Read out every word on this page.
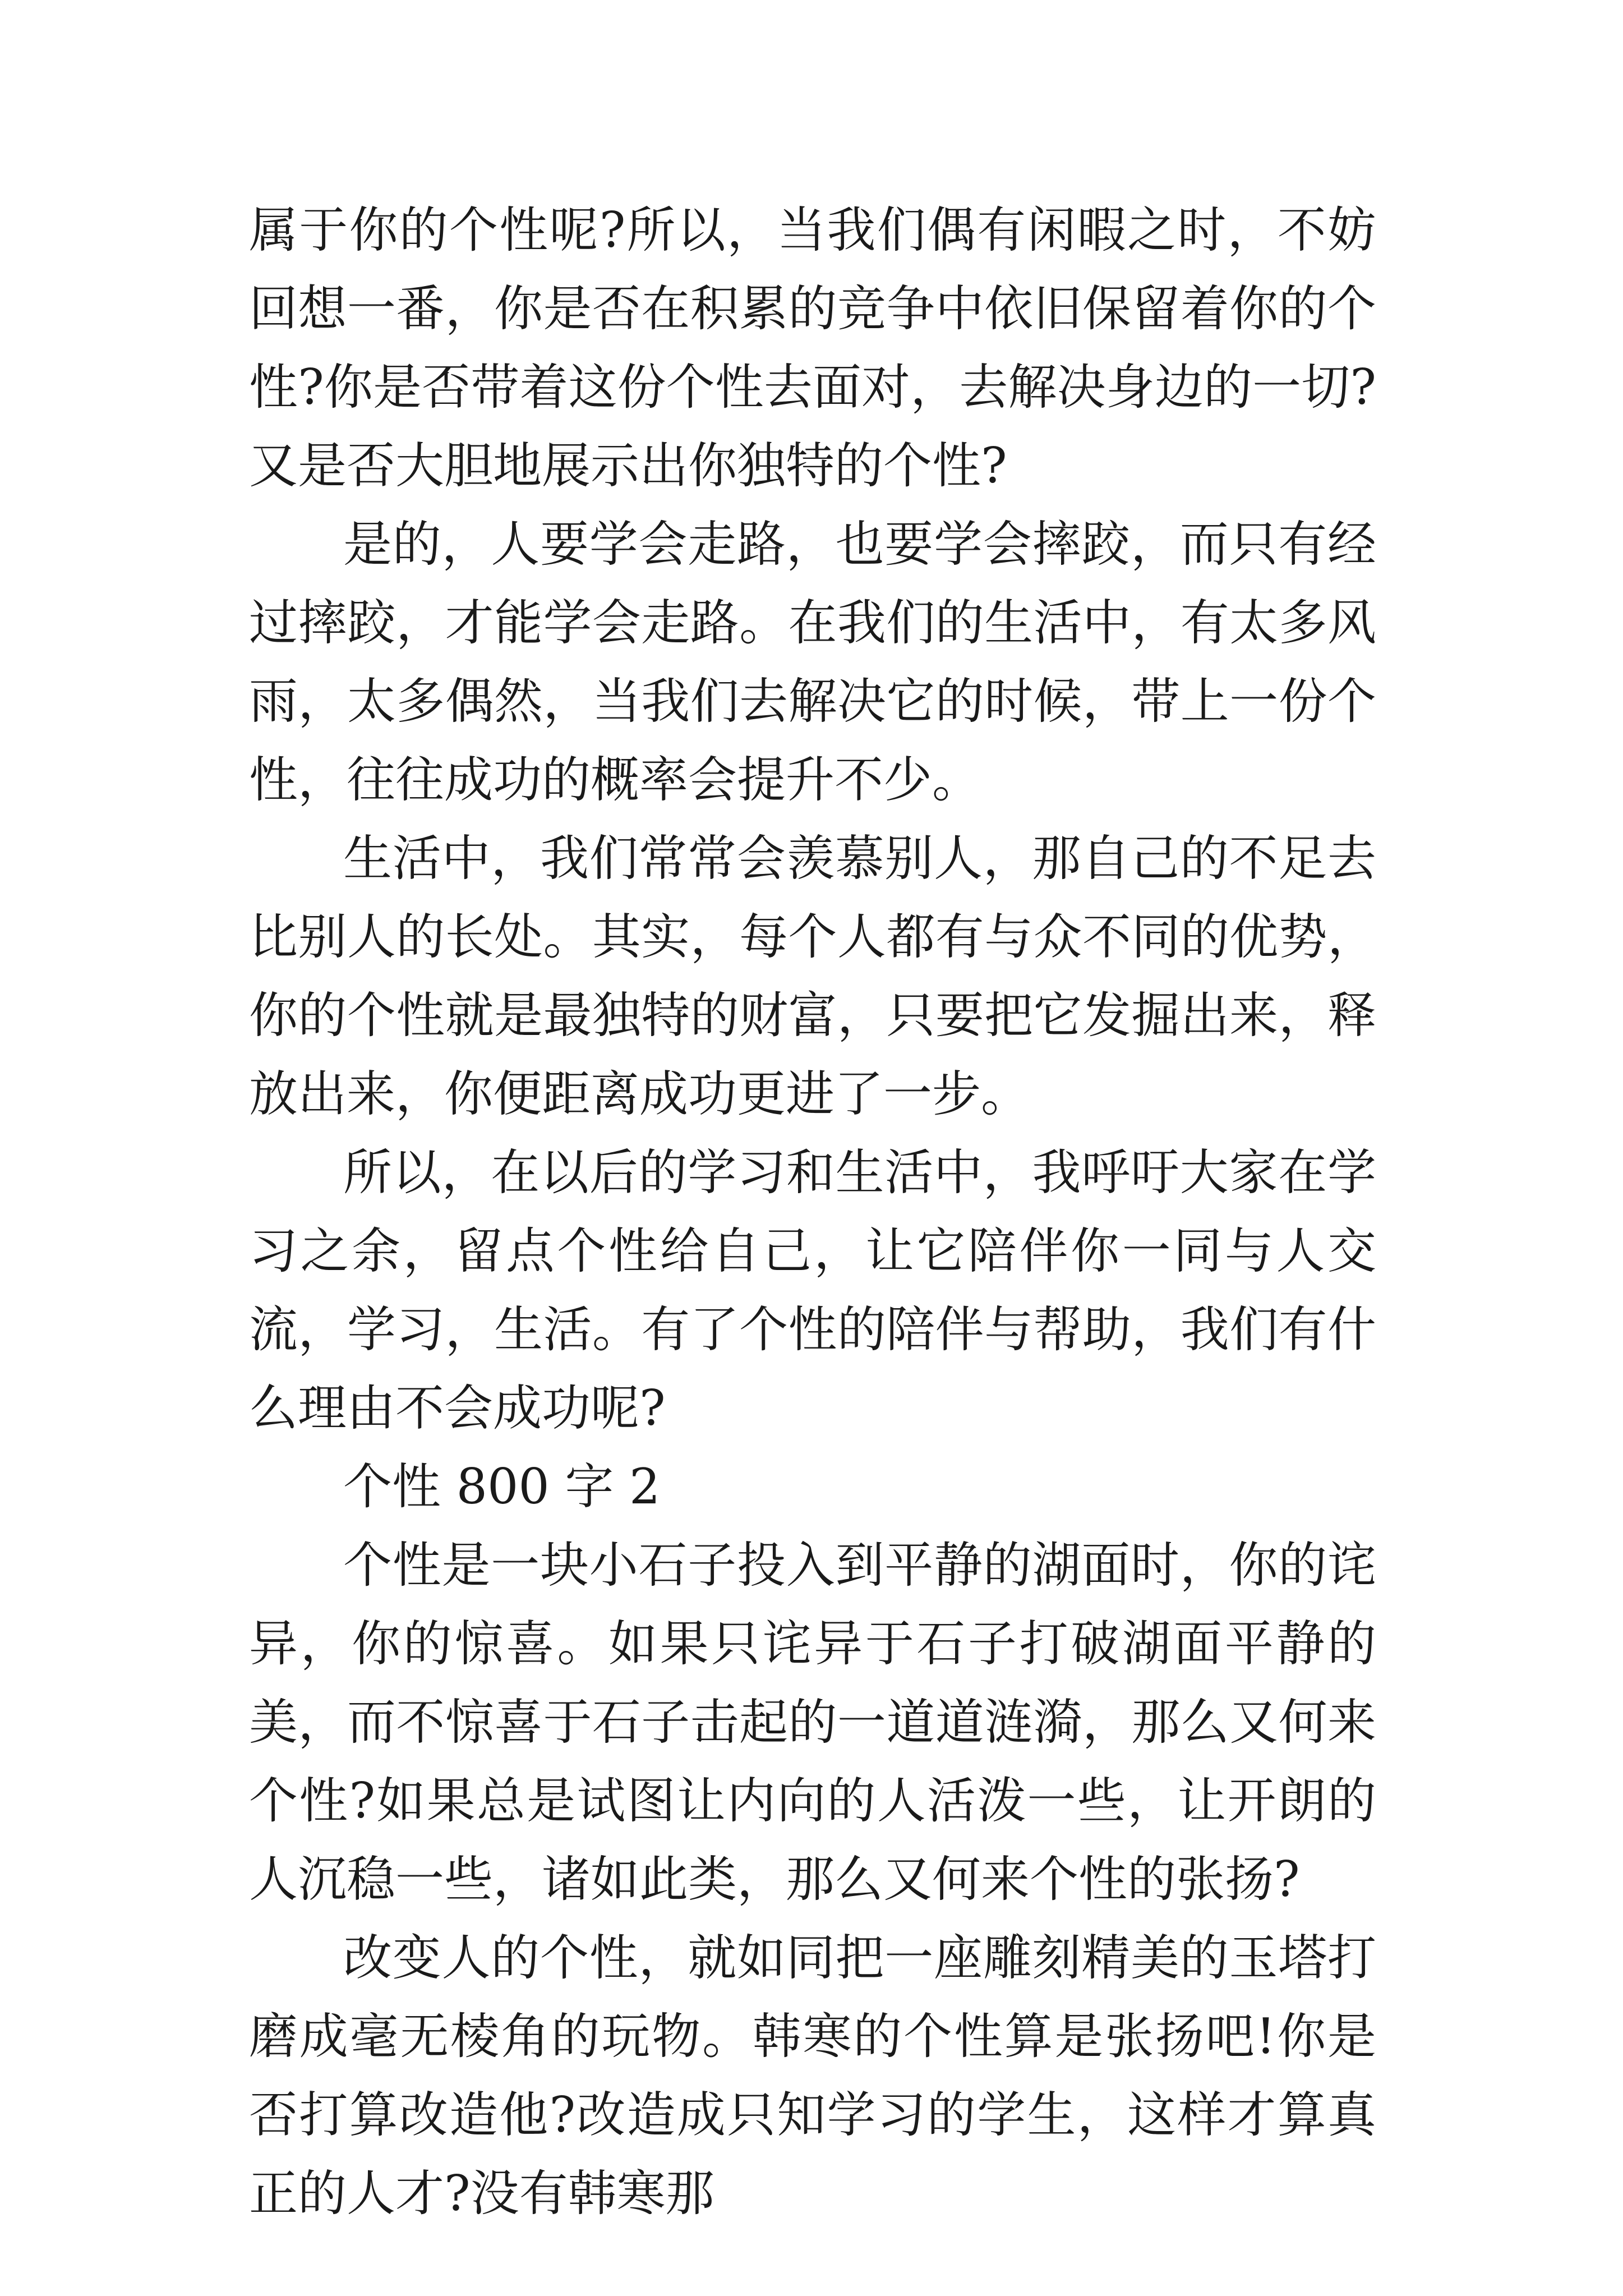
属于你的个性呢?所以，当我们偶有闲暇之时，不妨回想一番，你是否在积累的竞争中依旧保留着你的个性?你是否带着这份个性去面对，去解决身边的一切?又是否大胆地展示出你独特的个性?

是的，人要学会走路，也要学会摔跤，而只有经过摔跤，才能学会走路。在我们的生活中，有太多风雨，太多偶然，当我们去解决它的时候，带上一份个性，往往成功的概率会提升不少。

生活中，我们常常会羡慕别人，那自己的不足去比别人的长处。其实，每个人都有与众不同的优势，你的个性就是最独特的财富，只要把它发掘出来，释放出来，你便距离成功更进了一步。

所以，在以后的学习和生活中，我呼吁大家在学习之余，留点个性给自己，让它陪伴你一同与人交流，学习，生活。有了个性的陪伴与帮助，我们有什么理由不会成功呢?

个性 800 字 2

个性是一块小石子投入到平静的湖面时，你的诧异，你的惊喜。如果只诧异于石子打破湖面平静的美，而不惊喜于石子击起的一道道涟漪，那么又何来个性?如果总是试图让内向的人活泼一些，让开朗的人沉稳一些，诸如此类，那么又何来个性的张扬?

改变人的个性，就如同把一座雕刻精美的玉塔打磨成毫无棱角的玩物。韩寒的个性算是张扬吧!你是否打算改造他?改造成只知学习的学生，这样才算真正的人才?没有韩寒那
